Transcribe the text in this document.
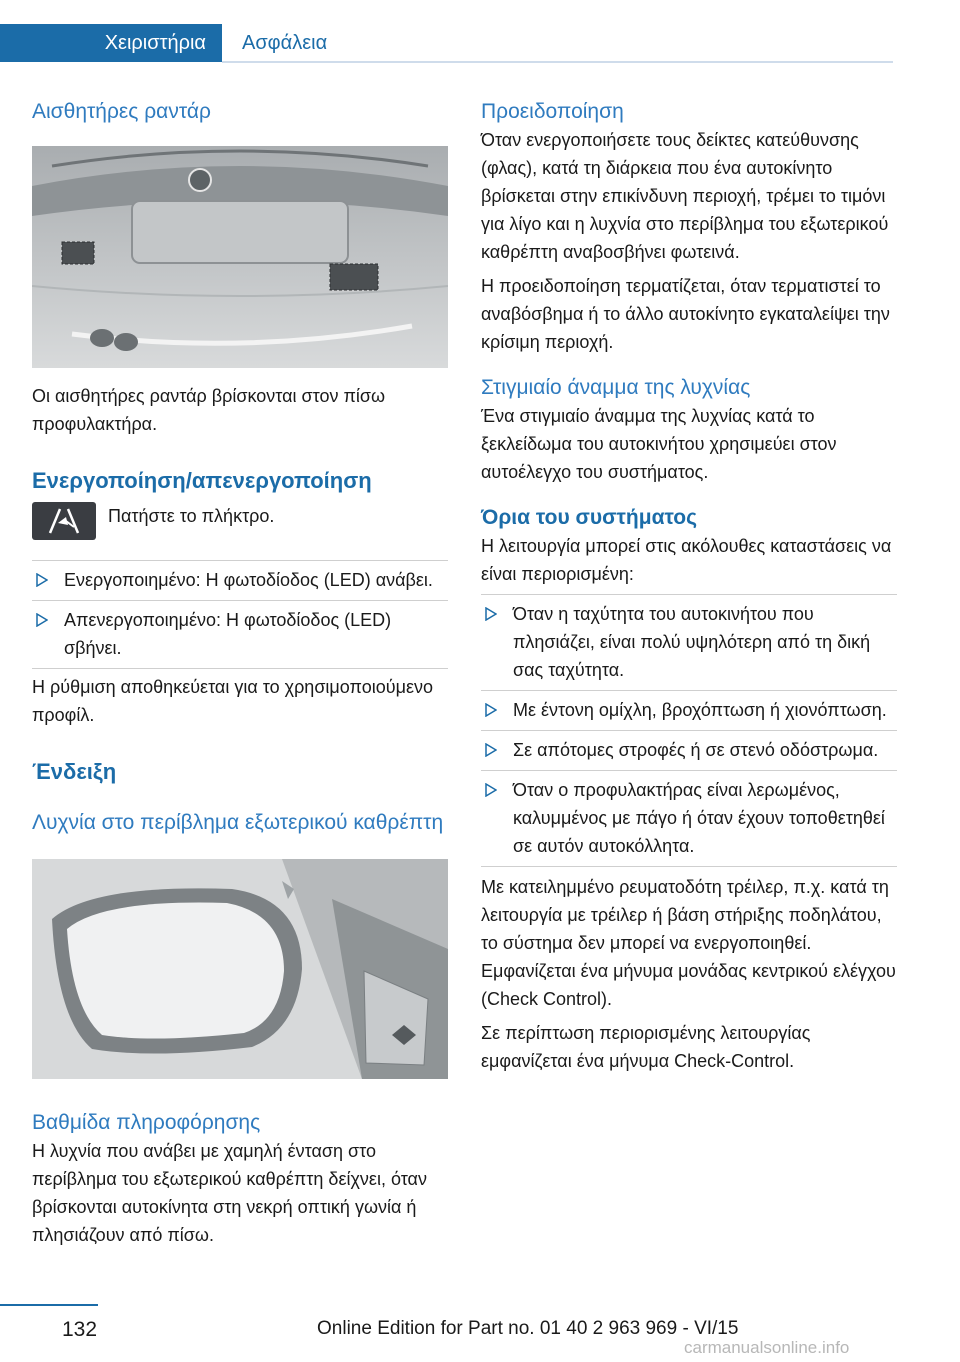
Χειριστήρια	Ασφάλεια
Αισθητήρες ραντάρ

Οι αισθητήρες ραντάρ βρίσκονται στον πίσω προφυλακτήρα.

Ενεργοποίηση/απενεργοποίηση
Πατήστε το πλήκτρο.
Ενεργοποιημένο: Η φωτοδίοδος (LED) ανάβει.
Απενεργοποιημένο: Η φωτοδίοδος (LED) σβήνει.

Η ρύθμιση αποθηκεύεται για το χρησιμοποιούμενο προφίλ.

Ένδειξη
Λυχνία στο περίβλημα εξωτερικού καθρέπτη
Βαθμίδα πληροφόρησης

Η λυχνία που ανάβει με χαμηλή ένταση στο περίβλημα του εξωτερικού καθρέπτη δείχνει, όταν βρίσκονται αυτοκίνητα στη νεκρή οπτική γωνία ή πλησιάζουν από πίσω.

Προειδοποίηση

Όταν ενεργοποιήσετε τους δείκτες κατεύθυνσης (φλας), κατά τη διάρκεια που ένα αυτοκίνητο βρίσκεται στην επικίνδυνη περιοχή, τρέμει το τιμόνι για λίγο και η λυχνία στο περίβλημα του εξωτερικού καθρέπτη αναβοσβήνει φωτεινά.

Η προειδοποίηση τερματίζεται, όταν τερματιστεί το αναβόσβημα ή το άλλο αυτοκίνητο εγκαταλείψει την κρίσιμη περιοχή.

Στιγμιαίο άναμμα της λυχνίας

Ένα στιγμιαίο άναμμα της λυχνίας κατά το ξεκλείδωμα του αυτοκινήτου χρησιμεύει στον αυτοέλεγχο του συστήματος.

Όρια του συστήματος

Η λειτουργία μπορεί στις ακόλουθες καταστάσεις να είναι περιορισμένη:

Όταν η ταχύτητα του αυτοκινήτου που πλησιάζει, είναι πολύ υψηλότερη από τη δική σας ταχύτητα.
Με έντονη ομίχλη, βροχόπτωση ή χιονόπτωση.
Σε απότομες στροφές ή σε στενό οδόστρωμα.
Όταν ο προφυλακτήρας είναι λερωμένος, καλυμμένος με πάγο ή όταν έχουν τοποθετηθεί σε αυτόν αυτοκόλλητα.

Με κατειλημμένο ρευματοδότη τρέιλερ, π.χ. κατά τη λειτουργία με τρέιλερ ή βάση στήριξης ποδηλάτου, το σύστημα δεν μπορεί να ενεργοποιηθεί. Εμφανίζεται ένα μήνυμα μονάδας κεντρικού ελέγχου (Check Control).

Σε περίπτωση περιορισμένης λειτουργίας εμφανίζεται ένα μήνυμα Check-Control.

132	Online Edition for Part no. 01 40 2 963 969 - VI/15
carmanualsonline.info
